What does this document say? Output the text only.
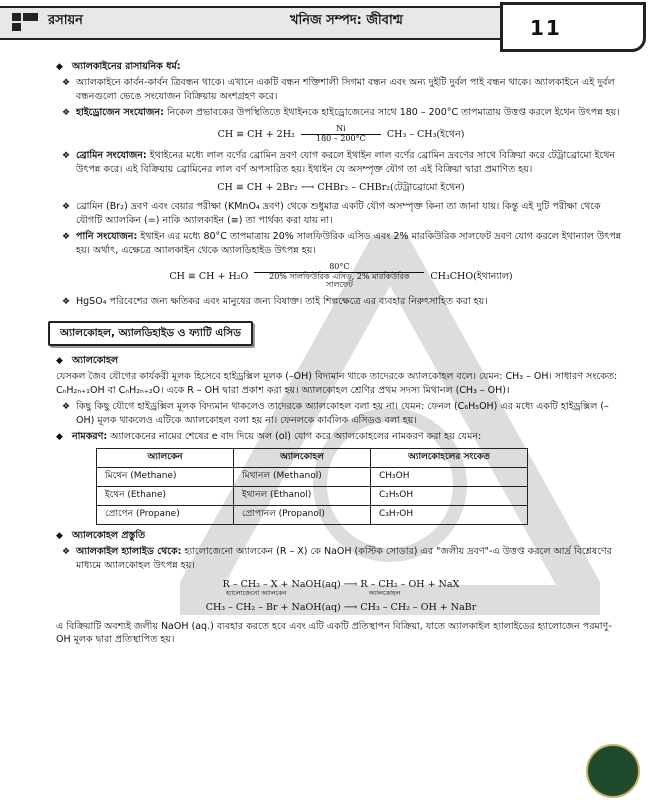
রসায়ন	খনিজ সম্পদ: জীবাশ্ম	11

◆ অ্যালকাইনের রাসায়নিক ধর্ম:

❖ অ্যালকাইনে কার্বন-কার্বন ত্রিবন্ধন থাকে। এখানে একটি বন্ধন শক্তিশালী সিগমা বন্ধন এবং অন্য দুইটি দুর্বল পাই বন্ধন থাকে। অ্যালকাইনে এই দুর্বল বন্ধনগুলো ভেঙে সংযোজন বিক্রিয়ায় অংশগ্রহণ করে।

❖ হাইড্রোজেন সংযোজন: নিকেল প্রভাবকের উপস্থিতিতে ইথাইনকে হাইড্রোজেনের সাথে 180 – 200°C তাপমাত্রায় উত্তপ্ত করলে ইথেন উৎপন্ন হয়।

CH ≡ CH + $2H_2 \frac{Ni}{180 - 200^\circ C} CH_3$ – CH₃(ইথেন)

❖ ব্রোমিন সংযোজন: ইথাইনের মধ্যে লাল বর্ণের ব্রোমিন দ্রবণ যোগ করলে ইথাইন লাল বর্ণের ব্রোমিন দ্রবণের সাথে বিক্রিয়া করে টেট্রাব্রোমো ইথেন উৎপন্ন করে। এই বিক্রিয়ায় ব্রোমিনের লাল বর্ণ অপসারিত হয়। ইথাইন যে অসম্পৃক্ত যৌগ তা এই বিক্রিয়া দ্বারা প্রমাণিত হয়।

CH ≡ CH + 2Br₂ ⟶ CHBr₂ – CHBr₂(টেট্রাব্রোমো ইথেন)

❖ ব্রোমিন (Br₂) দ্রবণ এবং বেয়ার পরীক্ষা (KMnO₄ দ্রবণ) থেকে শুধুমাত্র একটি যৌগ অসম্পৃক্ত কিনা তা জানা যায়। কিন্তু এই দুটি পরীক্ষা থেকে যৌগটি অ্যালকিন (=) নাকি অ্যালকাইন (≡) তা পার্থক্য করা যায় না।

❖ পানি সংযোজন: ইথাইন এর মধ্যে 80°C তাপমাত্রায় 20% সালফিউরিক এসিড এবং 2% মারকিউরিক সালফেট দ্রবণ যোগ করলে ইথান্যাল উৎপন্ন হয়। অর্থাৎ, এক্ষেত্রে অ্যালকাইন থেকে অ্যালডিহাইড উৎপন্ন হয়।

CH ≡ CH + H₂O 80°C
20% সালফিউরিক এসিড, 2% মারকিউরিক সালফেট CH₃CHO(ইথান্যাল)

❖ HgSO₄ পরিবেশের জন্য ক্ষতিকর এবং মানুষের জন্য বিষাক্ত। তাই শিল্পক্ষেত্রে এর ব্যবহার নিরুৎসাহিত করা হয়।

অ্যালকোহল, অ্যালডিহাইড ও ফ্যাটি এসিড

◆ অ্যালকোহল

যেসকল জৈব যৌগের কার্যকরী মূলক হিসেবে হাইড্রক্সিল মূলক (–OH) বিদ্যমান থাকে তাদেরকে অ্যালকোহল বলে। যেমন: CH₃ – OH। সাধারণ সংকেত: CₙH₂ₙ₊₁OH বা CₙH₂ₙ₊₂O। একে R – OH দ্বারা প্রকাশ করা হয়। অ্যালকোহল শ্রেণির প্রথম সদস্য মিথানল (CH₃ – OH)।

❖ কিছু কিছু যৌগে হাইড্রক্সিল মূলক বিদ্যমান থাকলেও তাদেরকে অ্যালকোহল বলা হয় না। যেমন: ফেনল (C₆H₅OH) এর মধ্যে একটি হাইড্রক্সিল (–OH) মূলক থাকলেও এটিকে অ্যালকোহল বলা হয় না। ফেনলকে কার্বলিক এসিডও বলা হয়।

◆ নামকরণ: অ্যালকেনের নামের শেষের e বাদ দিয়ে অল (ol) যোগ করে অ্যালকোহলের নামকরণ করা হয় যেমন:

অ্যালকেন	অ্যালকোহল	অ্যালকোহলের সংকেত
মিথেন (Methane)	মিথানল (Methanol)	CH₃OH
ইথেন (Ethane)	ইথানল (Ethanol)	C₂H₅OH
প্রোপেন (Propane)	প্রোপানল (Propanol)	C₃H₇OH

◆ অ্যালকোহল প্রস্তুতি

❖ অ্যালকাইল হ্যালাইড থেকে: হ্যালোজেনো অ্যালকেন (R – X) কে NaOH (কস্টিক সোডার) এর "জলীয় দ্রবণ"-এ উত্তপ্ত করলে আর্দ্র বিশ্লেষণের মাধ্যমে অ্যালকোহল উৎপন্ন হয়।

R – CH₂ – X + NaOH(aq) ⟶ R – CH₂ – OH + NaX
হ্যালোজেনো অ্যালকেন	অ্যালকোহল
CH₃ – CH₂ – Br + NaOH(aq) ⟶ CH₃ – CH₂ – OH + NaBr

এ বিক্রিয়াটি অবশ্যই জলীয় NaOH (aq.) ব্যবহার করতে হবে এবং এটি একটি প্রতিস্থাপন বিক্রিয়া, যাতে অ্যালকাইল হ্যালাইডের হ্যালোজেন পরমাণু-OH মূলক দ্বারা প্রতিস্থাপিত হয়।
